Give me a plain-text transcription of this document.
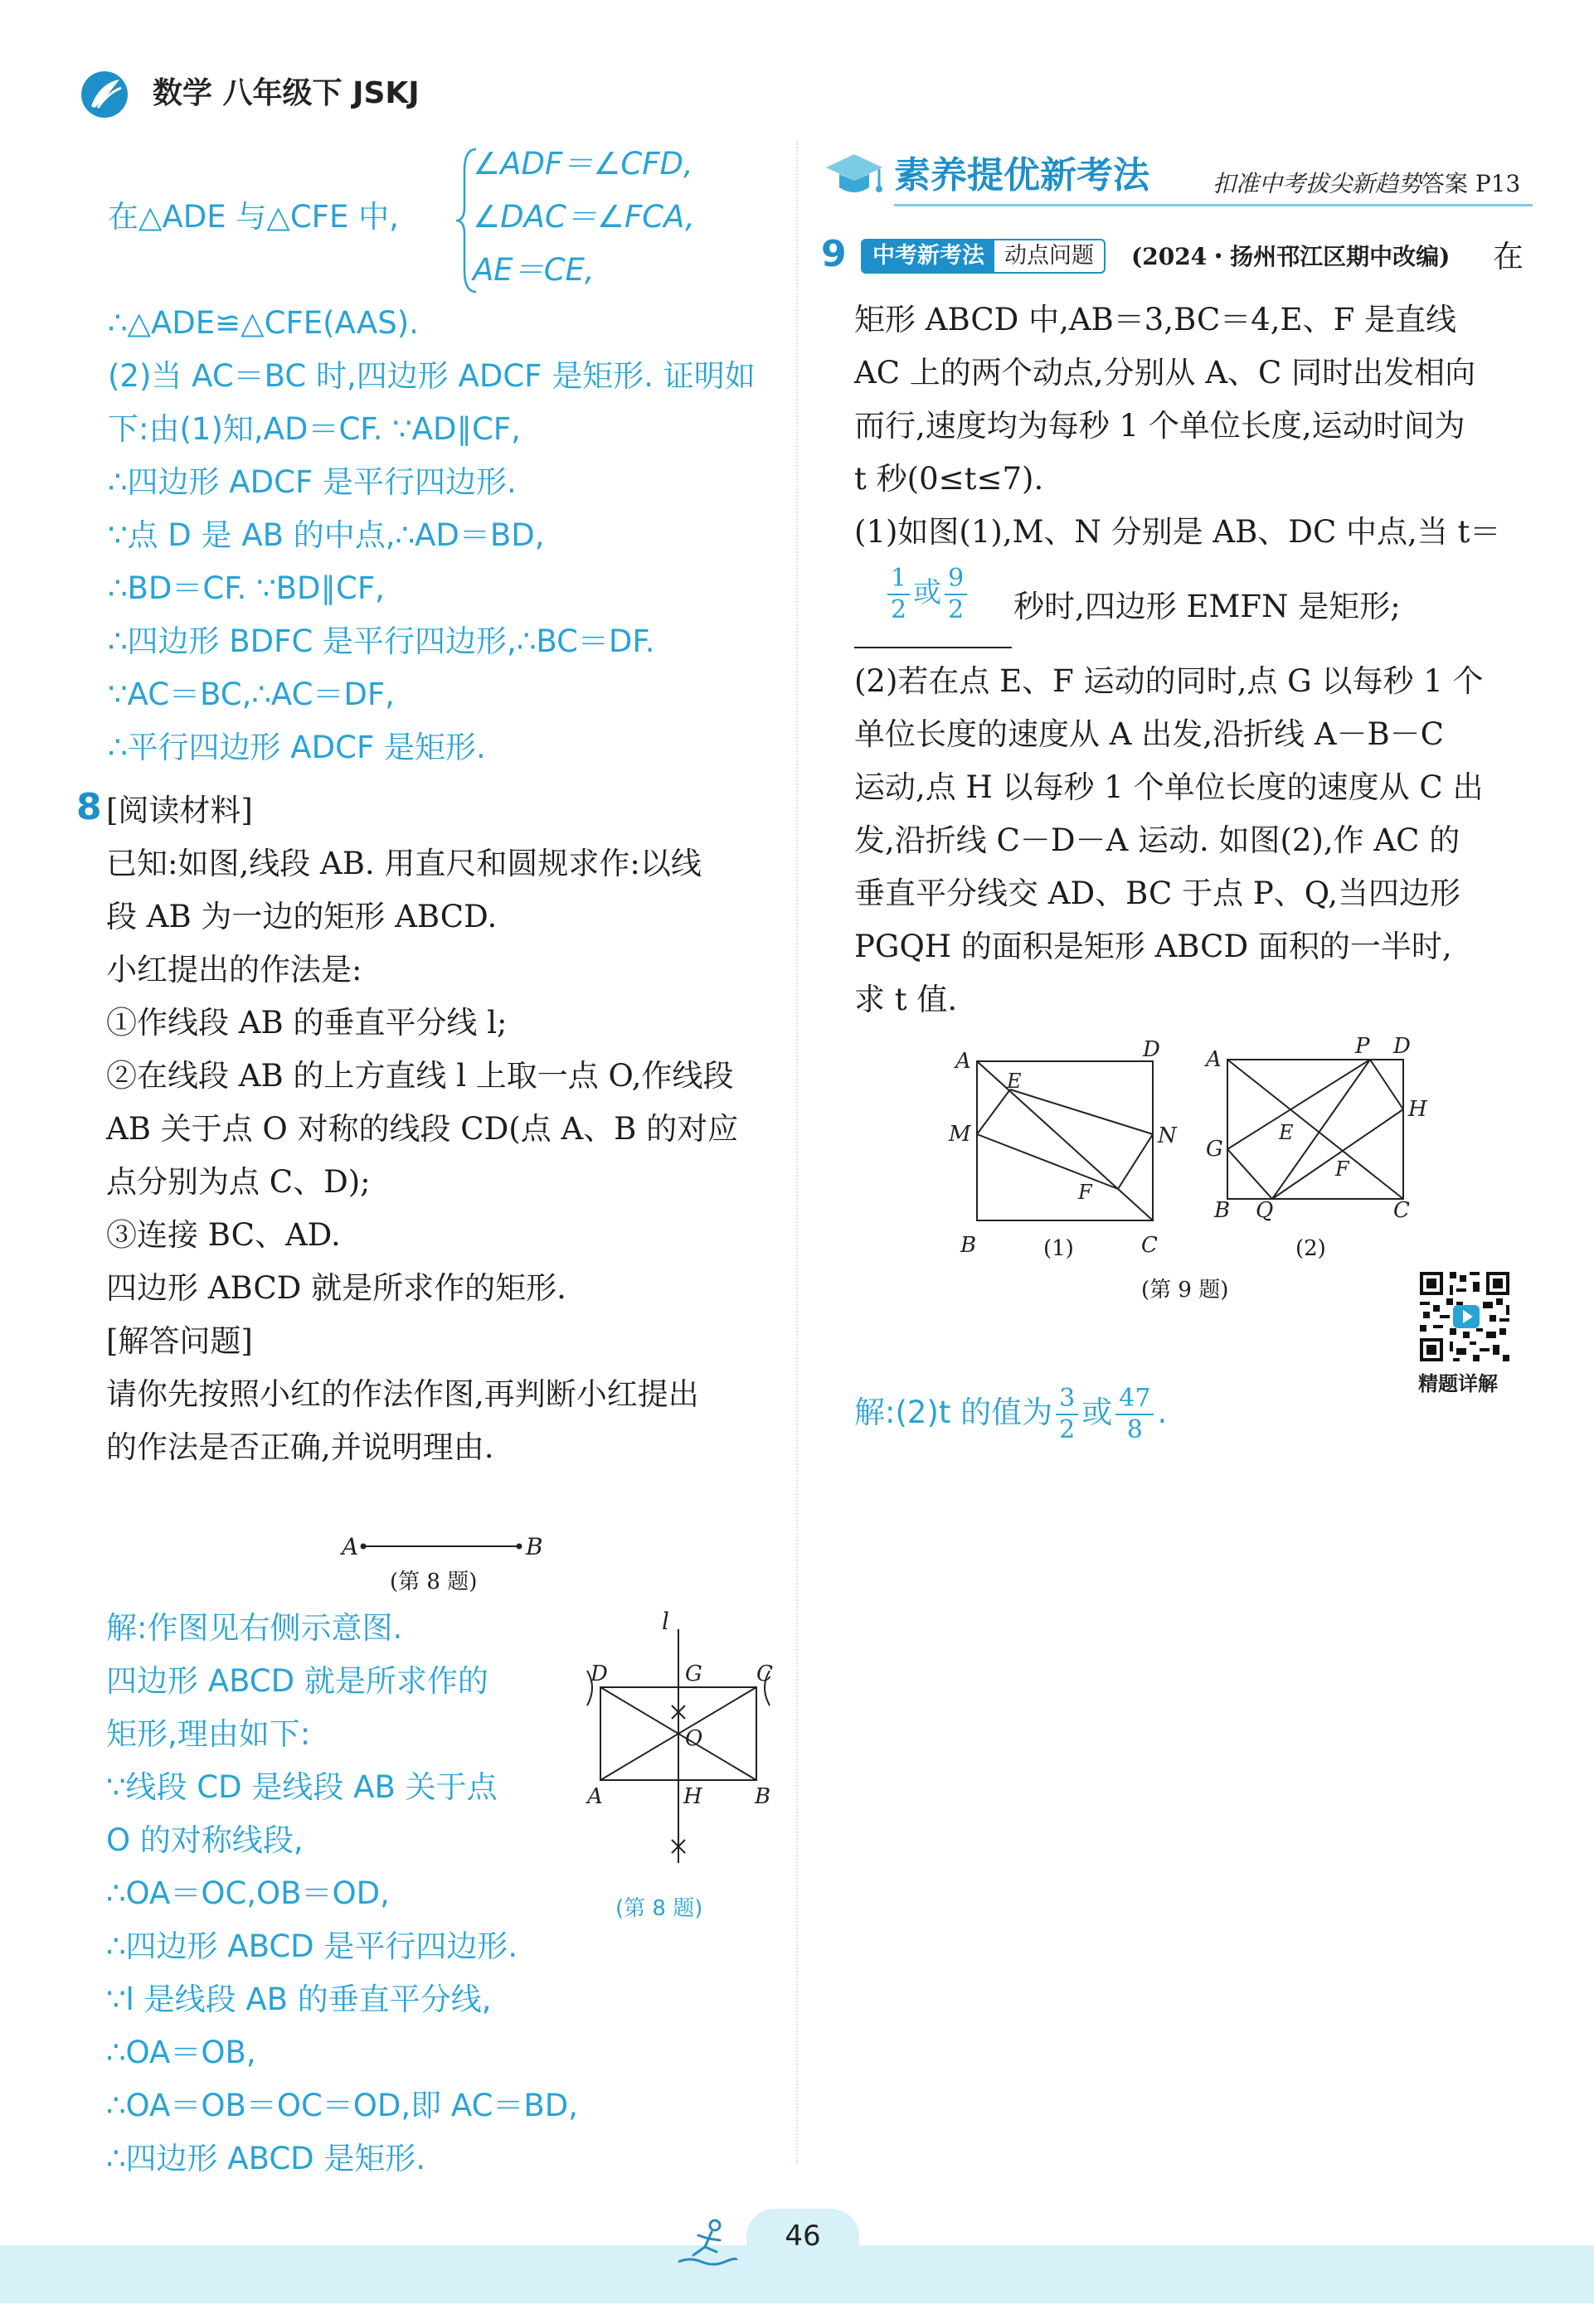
数学 八年级下 JSKJ
在△ADE 与△CFE 中,
∠ADF＝∠CFD,
∠DAC＝∠FCA,
AE＝CE,
∴△ADE≌△CFE(AAS).
(2)当 AC＝BC 时,四边形 ADCF 是矩形. 证明如
下:由(1)知,AD＝CF. ∵AD∥CF,
∴四边形 ADCF 是平行四边形.
∵点 D 是 AB 的中点,∴AD＝BD,
∴BD＝CF. ∵BD∥CF,
∴四边形 BDFC 是平行四边形,∴BC＝DF.
∵AC＝BC,∴AC＝DF,
∴平行四边形 ADCF 是矩形.
8 [阅读材料]
已知:如图,线段 AB. 用直尺和圆规求作:以线
段 AB 为一边的矩形 ABCD.
小红提出的作法是:
①作线段 AB 的垂直平分线 l;
②在线段 AB 的上方直线 l 上取一点 O,作线段
AB 关于点 O 对称的线段 CD(点 A、B 的对应
点分别为点 C、D);
③连接 BC、AD.
四边形 ABCD 就是所求作的矩形.
[解答问题]
请你先按照小红的作法作图,再判断小红提出
的作法是否正确,并说明理由.
A	B
(第 8 题)
解:作图见右侧示意图.
四边形 ABCD 就是所求作的
矩形,理由如下:
∵线段 CD 是线段 AB 关于点
O 的对称线段,
∴OA＝OC,OB＝OD,
∴四边形 ABCD 是平行四边形.
∵l 是线段 AB 的垂直平分线,
∴OA＝OB,
∴OA＝OB＝OC＝OD,即 AC＝BD,
∴四边形 ABCD 是矩形.
l
D	G	C
O
A	H B
(第 8 题)
素养提优新考法	扣准中考拔尖新趋势 答案 P13
9	中考新考法 动点问题	(2024・扬州邗江区期中改编) 在
矩形 ABCD 中,AB＝3,BC＝4,E、F 是直线
AC 上的两个动点,分别从 A、C 同时出发相向
而行,速度均为每秒 1 个单位长度,运动时间为
t 秒(0≤t≤7).
(1)如图(1),M、N 分别是 AB、DC 中点,当 t＝
$\frac{1}{2}$ 或 $\frac{9}{2}$ 秒时,四边形 EMFN 是矩形;
(2)若在点 E、F 运动的同时,点 G 以每秒 1 个
单位长度的速度从 A 出发,沿折线 A－B－C
运动,点 H 以每秒 1 个单位长度的速度从 C 出
发,沿折线 C－D－A 运动. 如图(2),作 AC 的
垂直平分线交 AD、BC 于点 P、Q,当四边形
PGQH 的面积是矩形 ABCD 面积的一半时,
求 t 值.
A	D
E
M	N
F
B	C
(1)
A
P D
H
G
E
F
B Q	C
(2)
(第 9 题)
精题详解
解:(2)t 的值为 $\frac{3}{2}$ 或 $\frac{47}{8}$ .
46
